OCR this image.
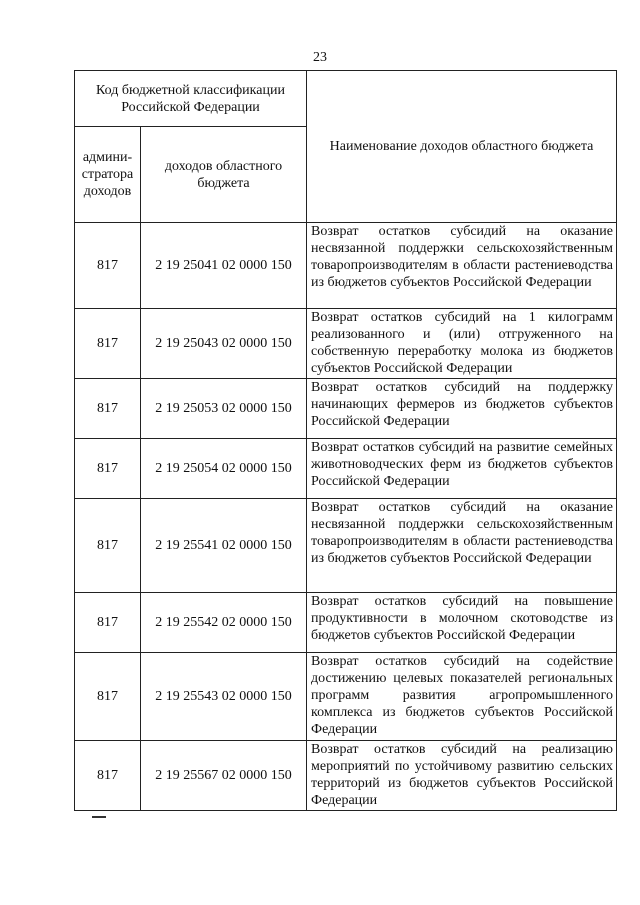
23
Код бюджетной классификации Российской Федерации		Наименование доходов областного бюджета
админи-стратора доходов	доходов областного бюджета	
817	2 19 25041 02 0000 150	Возврат остатков субсидий на оказание несвязанной поддержки сельскохозяйственным товаропроизводителям в области растениеводства из бюджетов субъектов Российской Федерации
817	2 19 25043 02 0000 150	Возврат остатков субсидий на 1 килограмм реализованного и (или) отгруженного на собственную переработку молока из бюджетов субъектов Российской Федерации
817	2 19 25053 02 0000 150	Возврат остатков субсидий на поддержку начинающих фермеров из бюджетов субъектов Российской Федерации
817	2 19 25054 02 0000 150	Возврат остатков субсидий на развитие семейных животноводческих ферм из бюджетов субъектов Российской Федерации
817	2 19 25541 02 0000 150	Возврат остатков субсидий на оказание несвязанной поддержки сельскохозяйственным товаропроизводителям в области растениеводства из бюджетов субъектов Российской Федерации
817	2 19 25542 02 0000 150	Возврат остатков субсидий на повышение продуктивности в молочном скотоводстве из бюджетов субъектов Российской Федерации
817	2 19 25543 02 0000 150	Возврат остатков субсидий на содействие достижению целевых показателей региональных программ развития агропромышленного комплекса из бюджетов субъектов Российской Федерации
817	2 19 25567 02 0000 150	Возврат остатков субсидий на реализацию мероприятий по устойчивому развитию сельских территорий из бюджетов субъектов Российской Федерации
